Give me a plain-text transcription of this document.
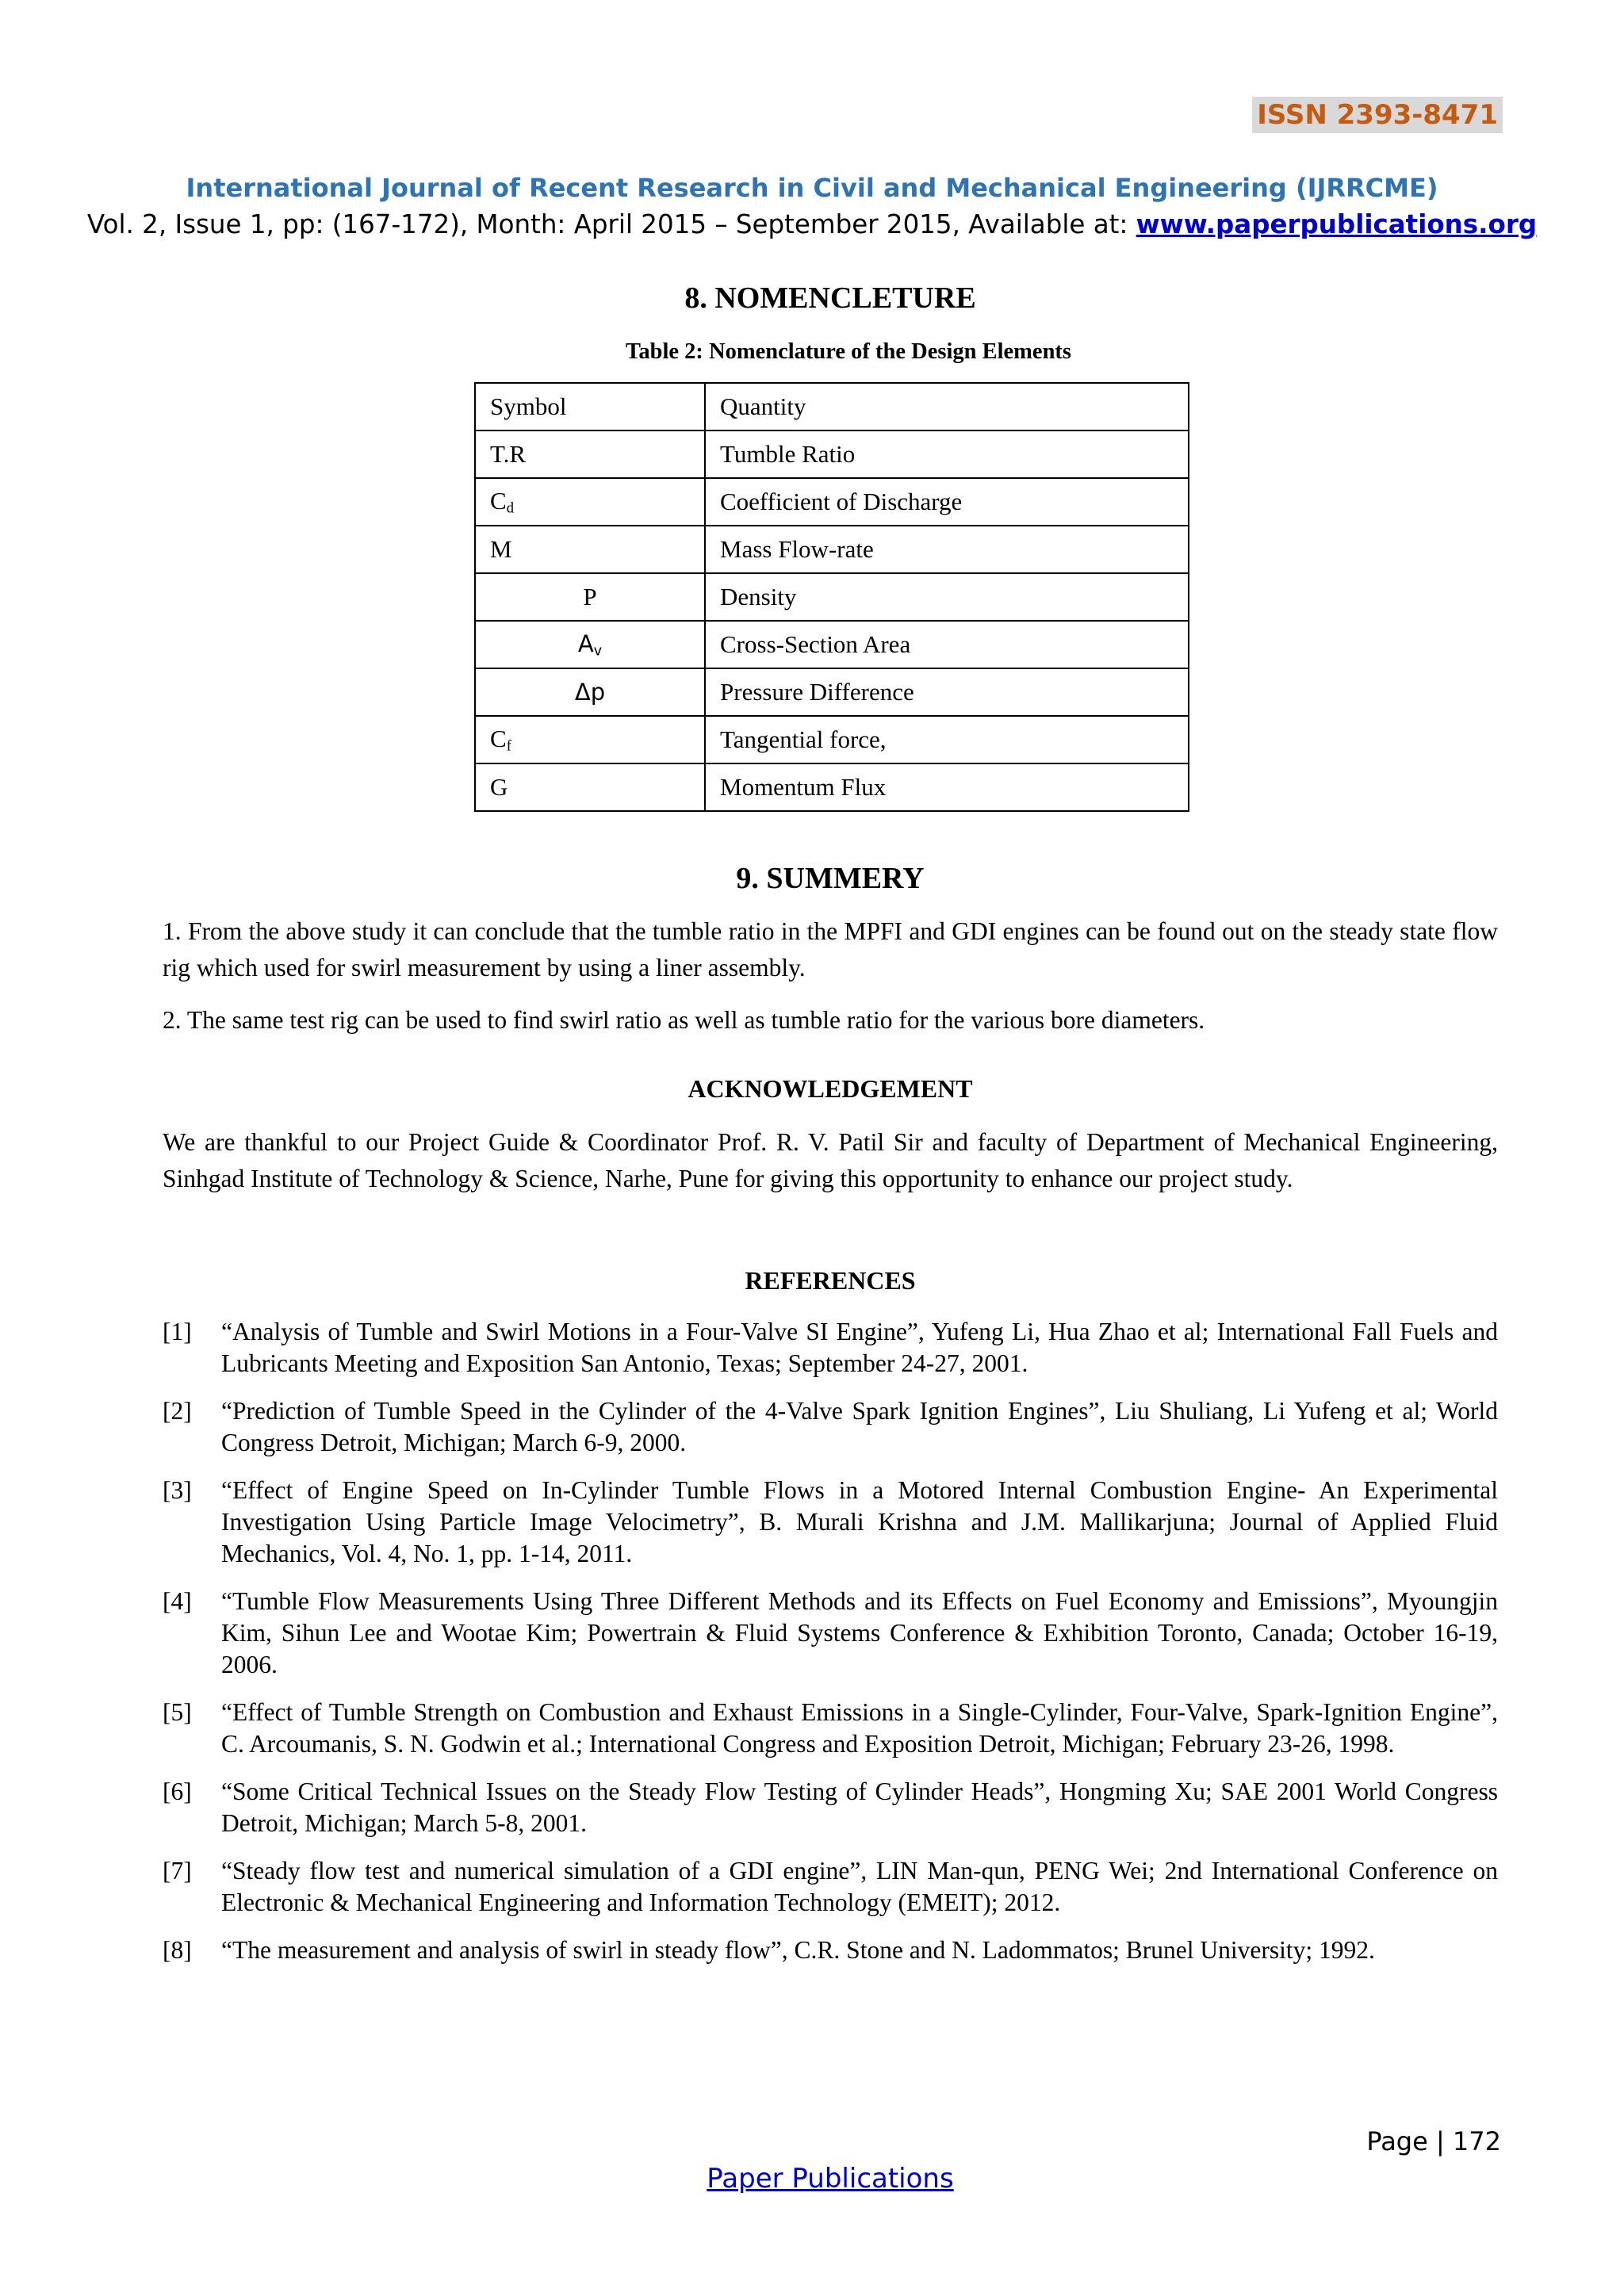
ISSN 2393-8471
International Journal of Recent Research in Civil and Mechanical Engineering (IJRRCME)
Vol. 2, Issue 1, pp: (167-172), Month: April 2015 – September 2015, Available at: www.paperpublications.org
8. NOMENCLETURE
Table 2: Nomenclature of the Design Elements
Symbol	Quantity
T.R	Tumble Ratio
$C_d$	Coefficient of Discharge
M	Mass Flow-rate
P	Density
$A_v$	Cross-Section Area
Δp	Pressure Difference
$C_f$	Tangential force,
G	Momentum Flux
9. SUMMERY
1. From the above study it can conclude that the tumble ratio in the MPFI and GDI engines can be found out on the steady state flow rig which used for swirl measurement by using a liner assembly.
2. The same test rig can be used to find swirl ratio as well as tumble ratio for the various bore diameters.
ACKNOWLEDGEMENT
We are thankful to our Project Guide & Coordinator Prof. R. V. Patil Sir and faculty of Department of Mechanical Engineering, Sinhgad Institute of Technology & Science, Narhe, Pune for giving this opportunity to enhance our project study.
REFERENCES
[1] “Analysis of Tumble and Swirl Motions in a Four-Valve SI Engine”, Yufeng Li, Hua Zhao et al; International Fall Fuels and Lubricants Meeting and Exposition San Antonio, Texas; September 24-27, 2001.
[2] “Prediction of Tumble Speed in the Cylinder of the 4-Valve Spark Ignition Engines”, Liu Shuliang, Li Yufeng et al; World Congress Detroit, Michigan; March 6-9, 2000.
[3] “Effect of Engine Speed on In-Cylinder Tumble Flows in a Motored Internal Combustion Engine- An Experimental Investigation Using Particle Image Velocimetry”, B. Murali Krishna and J.M. Mallikarjuna; Journal of Applied Fluid Mechanics, Vol. 4, No. 1, pp. 1-14, 2011.
[4] “Tumble Flow Measurements Using Three Different Methods and its Effects on Fuel Economy and Emissions”, Myoungjin Kim, Sihun Lee and Wootae Kim; Powertrain & Fluid Systems Conference & Exhibition Toronto, Canada; October 16-19, 2006.
[5] “Effect of Tumble Strength on Combustion and Exhaust Emissions in a Single-Cylinder, Four-Valve, Spark-Ignition Engine”, C. Arcoumanis, S. N. Godwin et al.; International Congress and Exposition Detroit, Michigan; February 23-26, 1998.
[6] “Some Critical Technical Issues on the Steady Flow Testing of Cylinder Heads”, Hongming Xu; SAE 2001 World Congress Detroit, Michigan; March 5-8, 2001.
[7] “Steady flow test and numerical simulation of a GDI engine”, LIN Man-qun, PENG Wei; 2nd International Conference on Electronic & Mechanical Engineering and Information Technology (EMEIT); 2012.
[8] “The measurement and analysis of swirl in steady flow”, C.R. Stone and N. Ladommatos; Brunel University; 1992.
Page | 172
Paper Publications
